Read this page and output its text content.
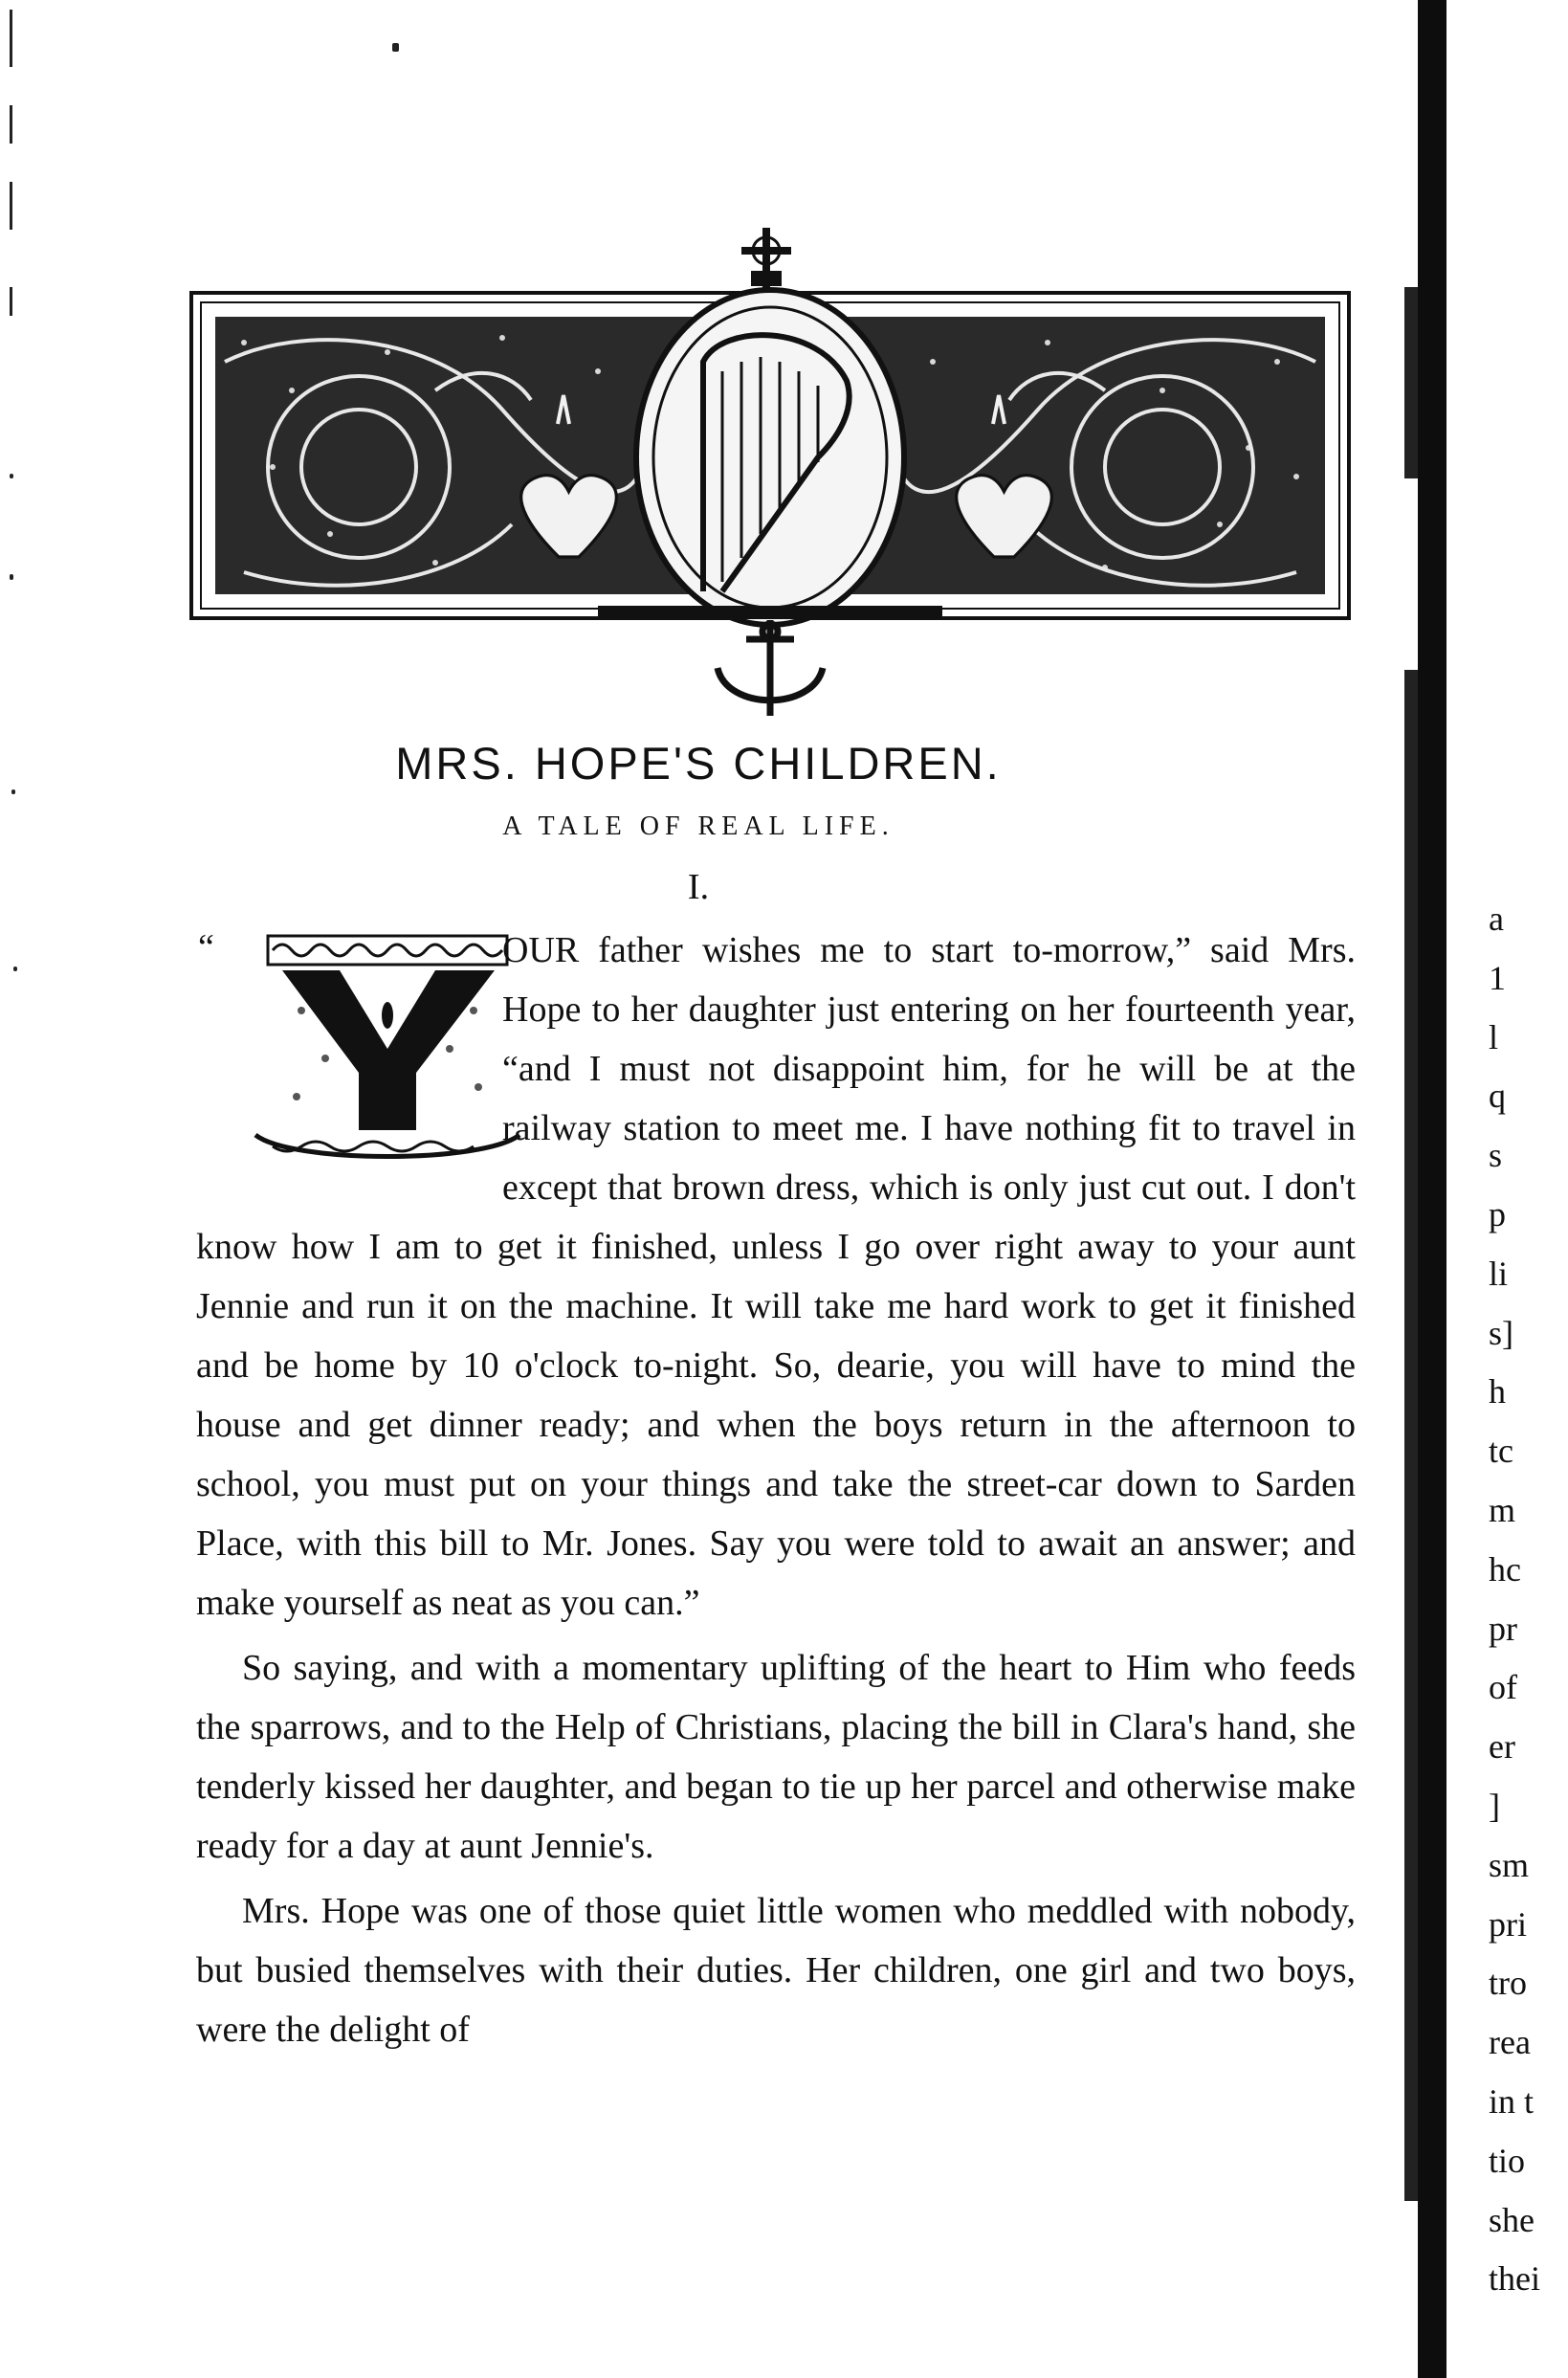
MRS. HOPE'S CHILDREN.

A TALE OF REAL LIFE.

I.

“
Y

OUR father wishes me to start to-morrow,” said Mrs. Hope to her daughter just entering on her fourteenth year, “and I must not disappoint him, for he will be at the railway station to meet me. I have nothing fit to travel in except that brown dress, which is only just cut out. I don't know how I am to get it finished, unless I go over right away to your aunt Jennie and run it on the machine. It will take me hard work to get it finished and be home by 10 o'clock to-night. So, dearie, you will have to mind the house and get dinner ready; and when the boys return in the afternoon to school, you must put on your things and take the street-car down to Sarden Place, with this bill to Mr. Jones. Say you were told to await an answer; and make yourself as neat as you can.”

So saying, and with a momentary uplifting of the heart to Him who feeds the sparrows, and to the Help of Christians, placing the bill in Clara's hand, she tenderly kissed her daughter, and began to tie up her parcel and otherwise make ready for a day at aunt Jennie's.

Mrs. Hope was one of those quiet little women who meddled with nobody, but busied themselves with their duties. Her children, one girl and two boys, were the delight of

a
1
l
q
s
p
li
s]
h
tc
m
hc
pr
of
er
]
sm
pri
tro
rea
in t
tio
she
thei
